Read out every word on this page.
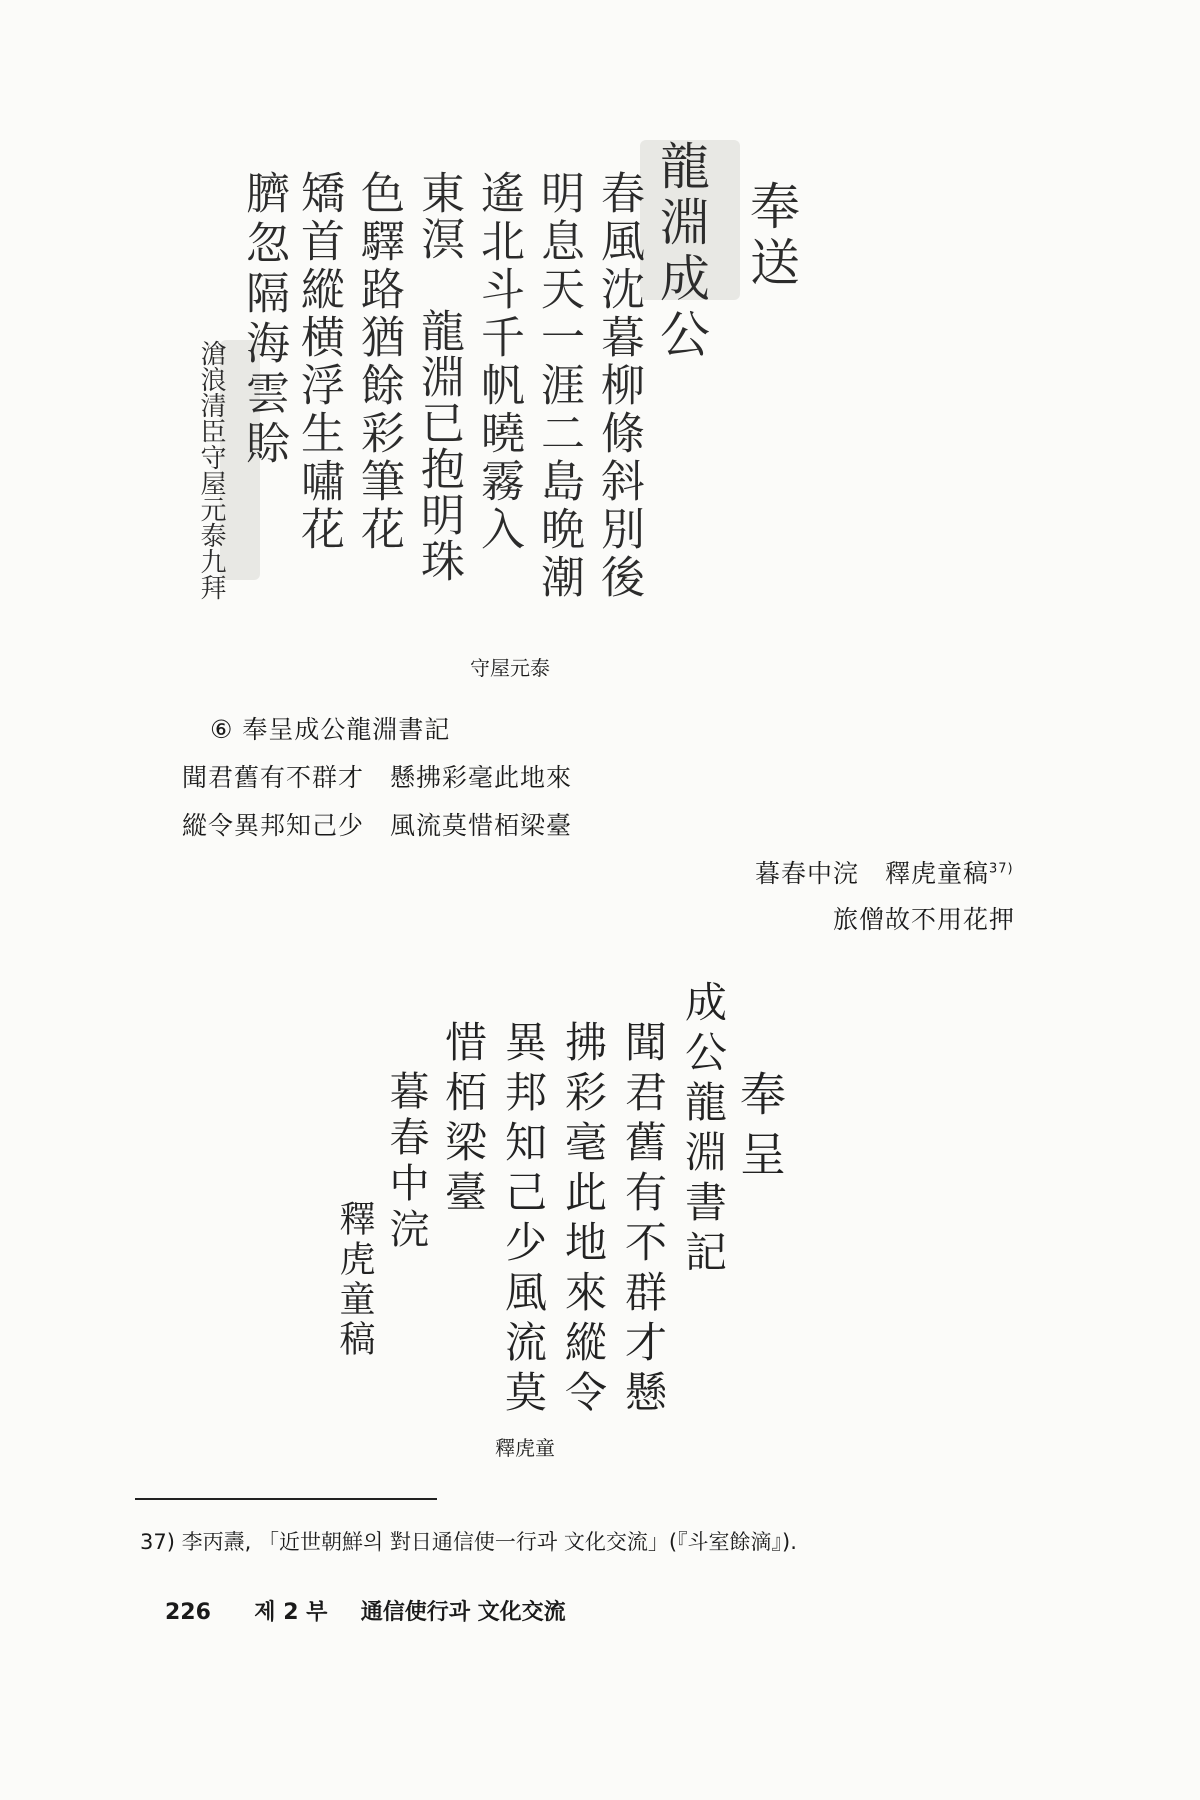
龍淵成公 奉送
春風沈暮柳條斜別後
明息天一涯二島晩潮
遙北斗千帆曉霧入
東溟　龍淵已抱明珠
色驛路猶餘彩筆花
矯首縱横浮生嘯花
臍忽隔海雲賒
滄浪清臣守屋元泰九拜
守屋元泰
⑥ 奉呈成公龍淵書記
聞君舊有不群才　懸拂彩毫此地來
縱令異邦知己少　風流莫惜栢梁臺
暮春中浣　釋虎童稿$^{37)}$
旅僧故不用花押
奉呈
成公龍淵書記
聞君舊有不群才懸
拂彩毫此地來縱令
異邦知己少風流莫
惜栢梁臺
暮春中浣
釋虎童稿
釋虎童
37) 李丙燾, 「近世朝鮮의 對日通信使一行과 文化交流」(『斗室餘滴』).
226 제 2 부 通信使行과 文化交流
